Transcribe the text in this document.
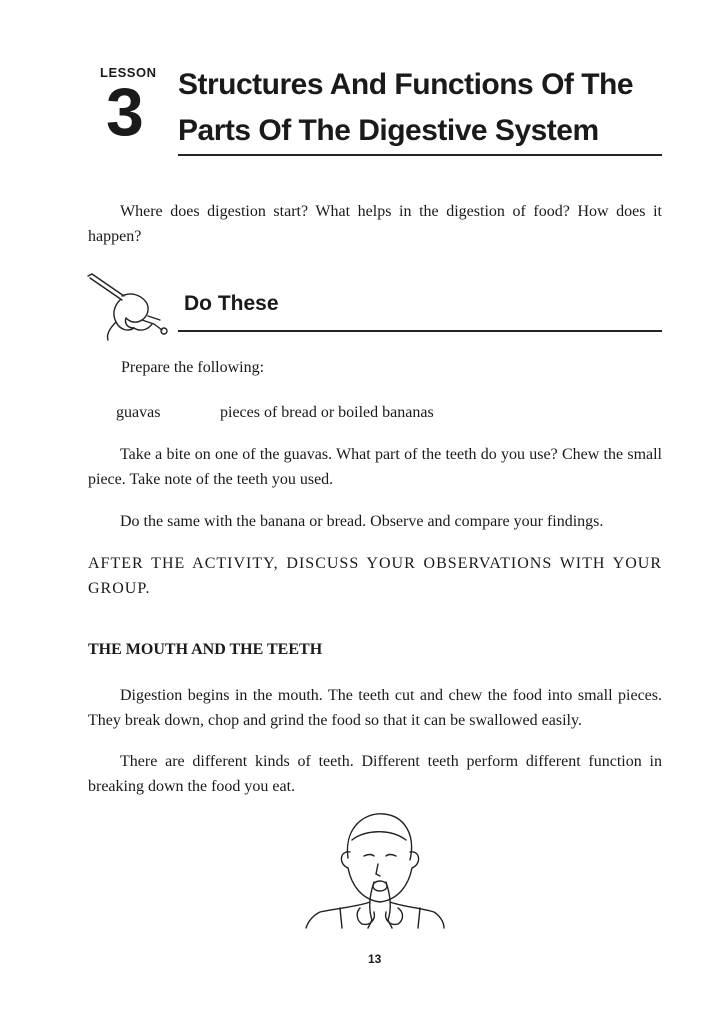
LESSON
3 Structures And Functions Of The
Parts Of The Digestive System
Where does digestion start? What helps in the digestion of food? How does it happen?
Do These
Prepare the following:
guavas	pieces of bread or boiled bananas
Take a bite on one of the guavas. What part of the teeth do you use? Chew the small piece. Take note of the teeth you used.
Do the same with the banana or bread. Observe and compare your findings.
AFTER THE ACTIVITY, DISCUSS YOUR OBSERVATIONS WITH YOUR GROUP.
THE MOUTH AND THE TEETH
Digestion begins in the mouth. The teeth cut and chew the food into small pieces. They break down, chop and grind the food so that it can be swallowed easily.
There are different kinds of teeth. Different teeth perform different function in breaking down the food you eat.
13
